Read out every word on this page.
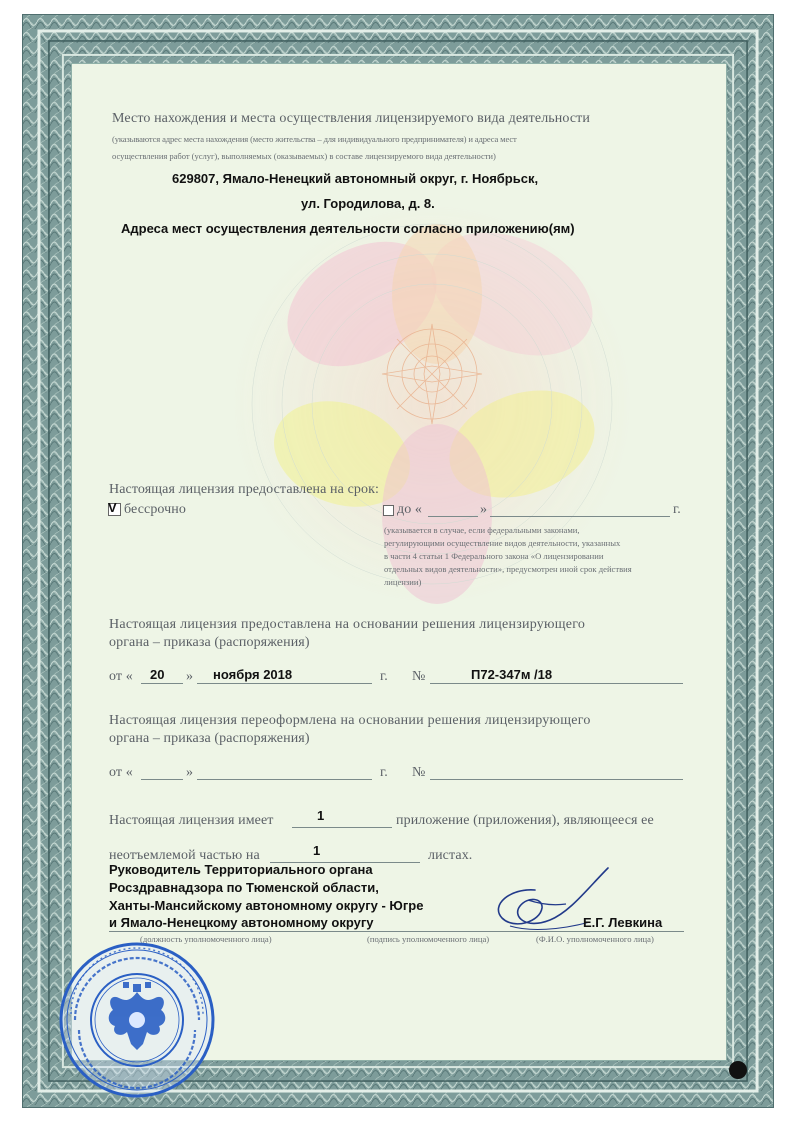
Место нахождения и места осуществления лицензируемого вида деятельности
(указываются адрес места нахождения (место жительства – для индивидуального предпринимателя) и адреса мест
осуществления работ (услуг), выполняемых (оказываемых) в составе лицензируемого вида деятельности)
629807, Ямало-Ненецкий автономный округ, г. Ноябрьск,
ул. Городилова, д. 8.
Адреса мест осуществления деятельности согласно приложению(ям)
Настоящая лицензия предоставлена на срок:
V бессрочно	до «	»	г.
(указывается в случае, если федеральными законами,
регулирующими осуществление видов деятельности, указанных
в части 4 статьи 1 Федерального закона «О лицензировании
отдельных видов деятельности», предусмотрен иной срок действия
лицензии)
Настоящая лицензия предоставлена на основании решения лицензирующего
органа – приказа (распоряжения)
от « 20 » ноября 2018	г. №	П72-347м /18
Настоящая лицензия переоформлена на основании решения лицензирующего
органа – приказа (распоряжения)
от «	»	г. №
Настоящая лицензия имеет	1	приложение (приложения), являющееся ее
неотъемлемой частью на	1	листах.
Руководитель Территориального органа
Росздравнадзора по Тюменской области,
Ханты-Мансийскому автономному округу - Югре
и Ямало-Ненецкому автономному округу	Е.Г. Левкина
(должность уполномоченного лица)	(подпись уполномоченного лица)	(Ф.И.О. уполномоченного лица)
